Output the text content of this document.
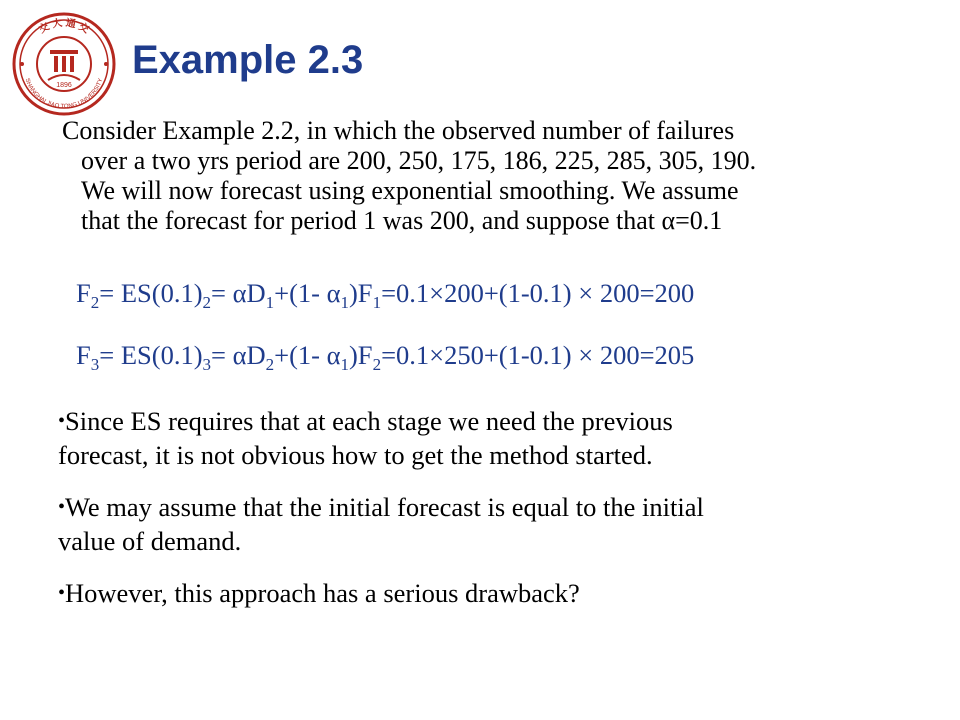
1896
交 大 通 交
SHANGHAI JIAO TONG UNIVERSITY Example 2.3
Consider Example 2.2, in which the observed number of failures
over a two yrs period are 200, 250, 175, 186, 225, 285, 305, 190.
We will now forecast using exponential smoothing. We assume
that the forecast for period 1 was 200, and suppose that α=0.1
$F_2= ES(0.1)_2= \alpha D_1+(1-$ $\alpha_1)F_1=0.1\times 200+(1-0.1) \times 200=200$
$F_3= ES(0.1)_3= \alpha D_2+(1-$ $\alpha_1)F_2=0.1\times 250+(1-0.1) \times 200=205$
•Since ES requires that at each stage we need the previous
forecast, it is not obvious how to get the method started.
•We may assume that the initial forecast is equal to the initial
value of demand.
•However, this approach has a serious drawback?
